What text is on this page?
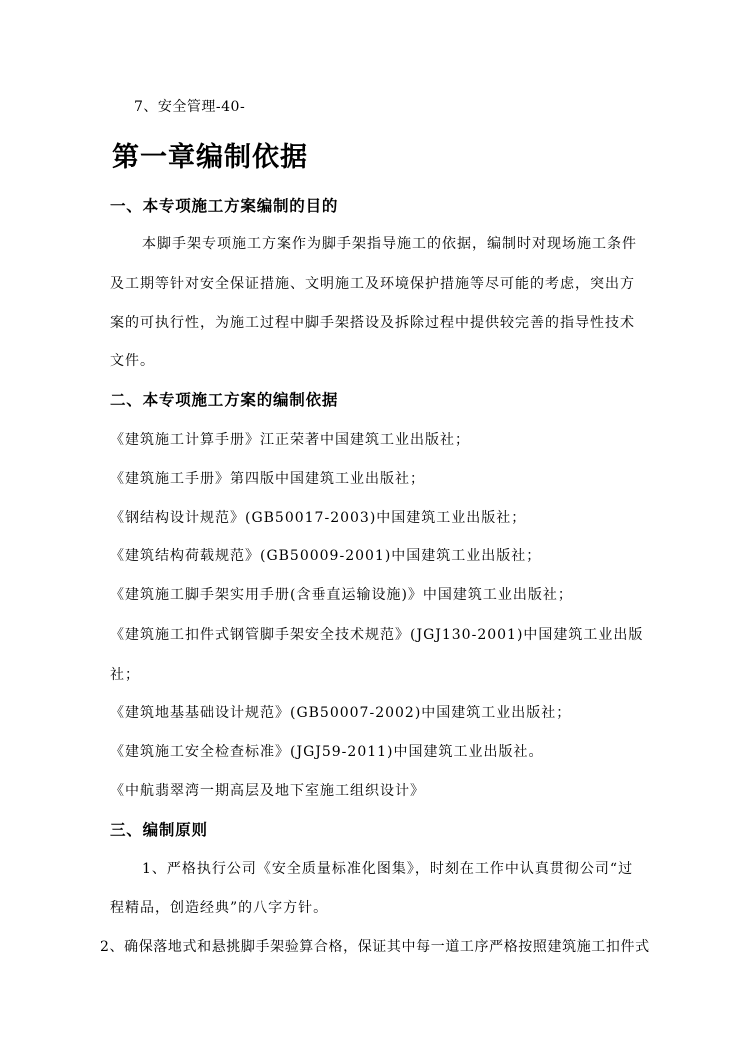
7、安全管理-40-
第一章编制依据
一、本专项施工方案编制的目的
本脚手架专项施工方案作为脚手架指导施工的依据，编制时对现场施工条件
及工期等针对安全保证措施、文明施工及环境保护措施等尽可能的考虑，突出方
案的可执行性，为施工过程中脚手架搭设及拆除过程中提供较完善的指导性技术
文件。
二、本专项施工方案的编制依据
《建筑施工计算手册》江正荣著中国建筑工业出版社；
《建筑施工手册》第四版中国建筑工业出版社；
《钢结构设计规范》(GB50017-2003)中国建筑工业出版社；
《建筑结构荷载规范》(GB50009-2001)中国建筑工业出版社；
《建筑施工脚手架实用手册(含垂直运输设施)》中国建筑工业出版社；
《建筑施工扣件式钢管脚手架安全技术规范》(JGJ130-2001)中国建筑工业出版
社；
《建筑地基基础设计规范》(GB50007-2002)中国建筑工业出版社；
《建筑施工安全检查标准》(JGJ59-2011)中国建筑工业出版社。
《中航翡翠湾一期高层及地下室施工组织设计》
三、编制原则
1、严格执行公司《安全质量标准化图集》，时刻在工作中认真贯彻公司“过
程精品，创造经典”的八字方针。
2、确保落地式和悬挑脚手架验算合格，保证其中每一道工序严格按照建筑施工扣件式
